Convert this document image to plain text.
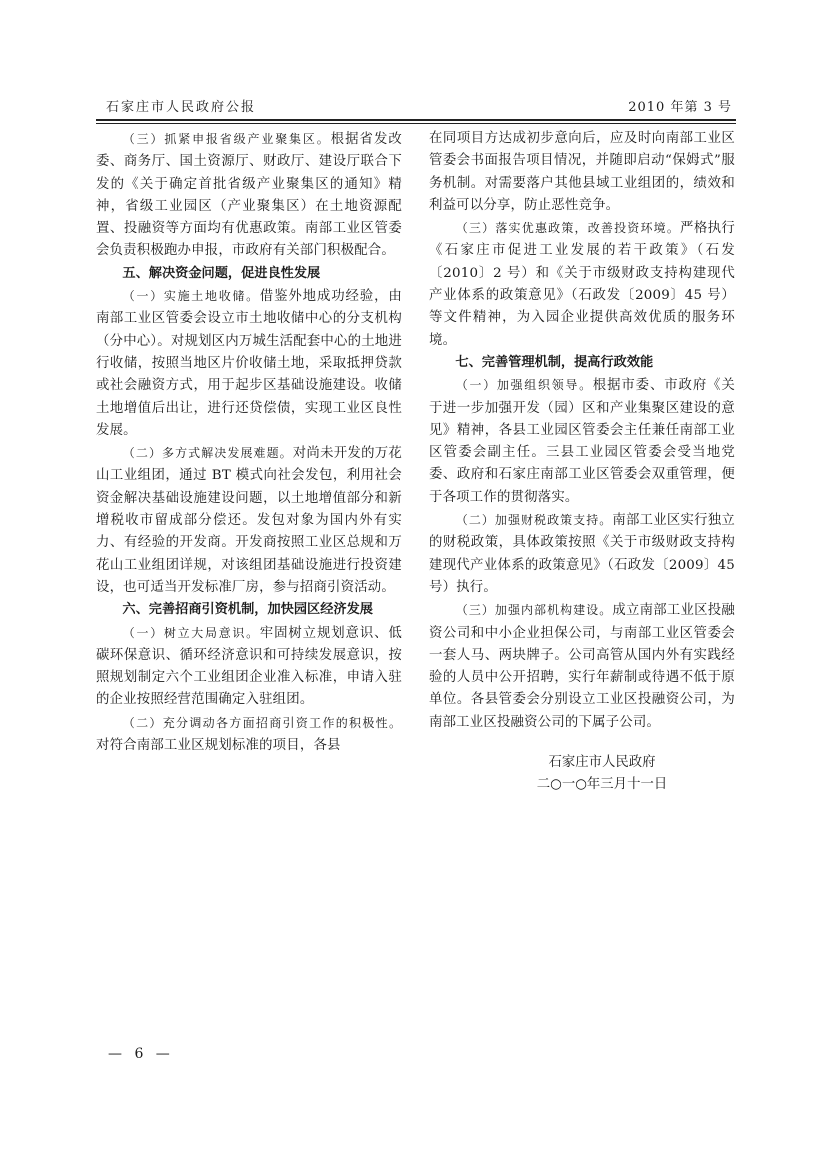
石家庄市人民政府公报	2010 年第 3 号

（三）抓紧申报省级产业聚集区。根据省发改委、商务厅、国土资源厅、财政厅、建设厅联合下发的《关于确定首批省级产业聚集区的通知》精神，省级工业园区（产业聚集区）在土地资源配置、投融资等方面均有优惠政策。南部工业区管委会负责积极跑办申报，市政府有关部门积极配合。

五、解决资金问题，促进良性发展

（一）实施土地收储。借鉴外地成功经验，由南部工业区管委会设立市土地收储中心的分支机构（分中心）。对规划区内万城生活配套中心的土地进行收储，按照当地区片价收储土地，采取抵押贷款或社会融资方式，用于起步区基础设施建设。收储土地增值后出让，进行还贷偿债，实现工业区良性发展。

（二）多方式解决发展难题。对尚未开发的万花山工业组团，通过 BT 模式向社会发包，利用社会资金解决基础设施建设问题，以土地增值部分和新增税收市留成部分偿还。发包对象为国内外有实力、有经验的开发商。开发商按照工业区总规和万花山工业组团详规，对该组团基础设施进行投资建设，也可适当开发标准厂房，参与招商引资活动。

六、完善招商引资机制，加快园区经济发展

（一）树立大局意识。牢固树立规划意识、低碳环保意识、循环经济意识和可持续发展意识，按照规划制定六个工业组团企业准入标准，申请入驻的企业按照经营范围确定入驻组团。

（二）充分调动各方面招商引资工作的积极性。对符合南部工业区规划标准的项目，各县

在同项目方达成初步意向后，应及时向南部工业区管委会书面报告项目情况，并随即启动“保姆式”服务机制。对需要落户其他县域工业组团的，绩效和利益可以分享，防止恶性竞争。

（三）落实优惠政策，改善投资环境。严格执行《石家庄市促进工业发展的若干政策》（石发〔2010〕2 号）和《关于市级财政支持构建现代产业体系的政策意见》（石政发〔2009〕45 号）等文件精神，为入园企业提供高效优质的服务环境。

七、完善管理机制，提高行政效能

（一）加强组织领导。根据市委、市政府《关于进一步加强开发（园）区和产业集聚区建设的意见》精神，各县工业园区管委会主任兼任南部工业区管委会副主任。三县工业园区管委会受当地党委、政府和石家庄南部工业区管委会双重管理，便于各项工作的贯彻落实。

（二）加强财税政策支持。南部工业区实行独立的财税政策，具体政策按照《关于市级财政支持构建现代产业体系的政策意见》（石政发〔2009〕45 号）执行。

（三）加强内部机构建设。成立南部工业区投融资公司和中小企业担保公司，与南部工业区管委会一套人马、两块牌子。公司高管从国内外有实践经验的人员中公开招聘，实行年薪制或待遇不低于原单位。各县管委会分别设立工业区投融资公司，为南部工业区投融资公司的下属子公司。

石家庄市人民政府
二○一○年三月十一日
— 6 —
